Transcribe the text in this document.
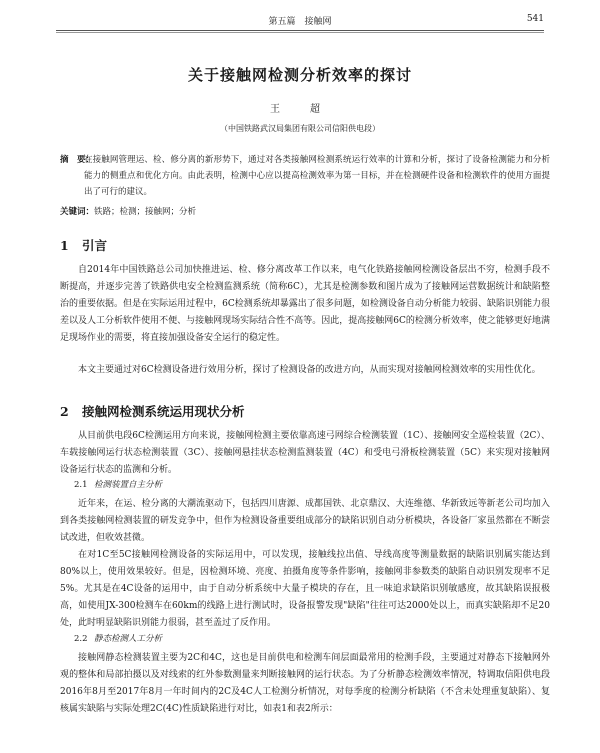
第五篇　接触网	541
关于接触网检测分析效率的探讨
王　超
（中国铁路武汉局集团有限公司信阳供电段）
摘　要：
在接触网管理运、检、修分离的新形势下，通过对各类接触网检测系统运行效率的计算和分析，探讨了设备检测能力和分析能力的侧重点和优化方向。由此表明，检测中心应以提高检测效率为第一目标，并在检测硬件设备和检测软件的使用方面提出了可行的建议。
关键词：铁路；检测；接触网；分析
1 引言
自2014年中国铁路总公司加快推进运、检、修分离改革工作以来，电气化铁路接触网检测设备层出不穷，检测手段不断提高，并逐步完善了铁路供电安全检测监测系统（简称6C），尤其是检测参数和图片成为了接触网运营数据统计和缺陷整治的重要依据。但是在实际运用过程中，6C检测系统却暴露出了很多问题，如检测设备自动分析能力较弱、缺陷识别能力很差以及人工分析软件使用不便、与接触网现场实际结合性不高等。因此，提高接触网6C的检测分析效率，使之能够更好地满足现场作业的需要，将直接加强设备安全运行的稳定性。
本文主要通过对6C检测设备进行效用分析，探讨了检测设备的改进方向，从而实现对接触网检测效率的实用性优化。
2 接触网检测系统运用现状分析
从目前供电段6C检测运用方向来说，接触网检测主要依靠高速弓网综合检测装置（1C）、接触网安全巡检装置（2C）、车载接触网运行状态检测装置（3C）、接触网悬挂状态检测监测装置（4C）和受电弓滑板检测装置（5C）来实现对接触网设备运行状态的监测和分析。
2.1 检测装置自主分析
近年来，在运、检分离的大潮流驱动下，包括四川唐源、成都国铁、北京鼎汉、大连维德、华新致远等新老公司均加入到各类接触网检测装置的研发竞争中，但作为检测设备重要组成部分的缺陷识别自动分析模块，各设备厂家虽然都在不断尝试改进，但收效甚微。
在对1C至5C接触网检测设备的实际运用中，可以发现，接触线拉出值、导线高度等测量数据的缺陷识别属实能达到80%以上，使用效果较好。但是，因检测环境、亮度、拍摄角度等条件影响，接触网非参数类的缺陷自动识别发现率不足5%。尤其是在4C设备的运用中，由于自动分析系统中大量子模块的存在，且一味追求缺陷识别敏感度，故其缺陷误报极高，如使用JX-300检测车在60km的线路上进行测试时，设备报警发现"缺陷"往往可达2000处以上，而真实缺陷却不足20处，此时明显缺陷识别能力很弱，甚至盖过了反作用。
2.2 静态检测人工分析
接触网静态检测装置主要为2C和4C，这也是目前供电和检测车间层面最常用的检测手段，主要通过对静态下接触网外观的整体和局部拍摄以及对线索的红外参数测量来判断接触网的运行状态。为了分析静态检测效率情况，特调取信阳供电段2016年8月至2017年8月一年时间内的2C及4C人工检测分析情况，对每季度的检测分析缺陷（不含未处理重复缺陷）、复核属实缺陷与实际处理2C(4C)性质缺陷进行对比，如表1和表2所示：
